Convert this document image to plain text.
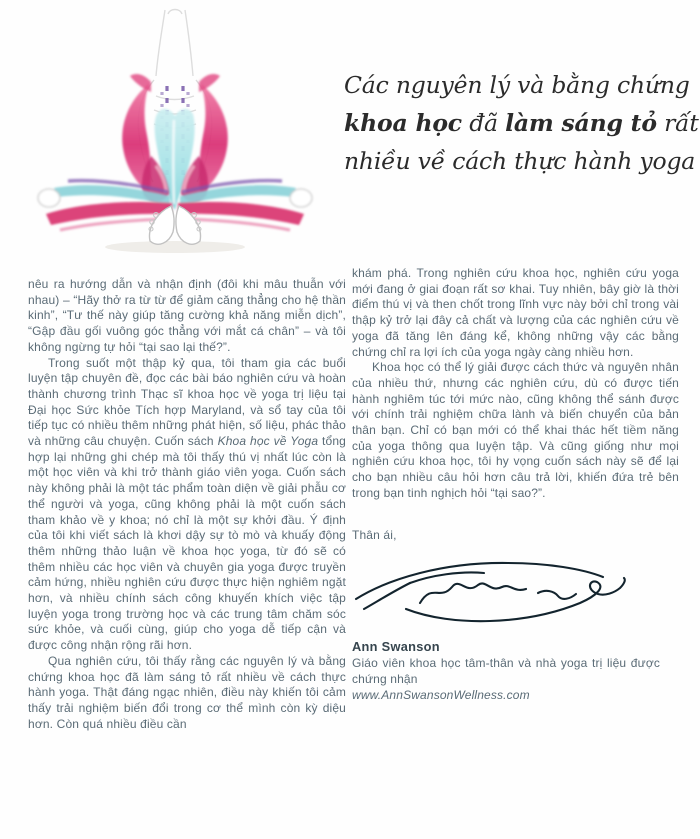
Các nguyên lý và bằng chứng
khoa học đã làm sáng tỏ rất
nhiều về cách thực hành yoga

nêu ra hướng dẫn và nhận định (đôi khi mâu thuẫn với nhau) – “Hãy thở ra từ từ để giảm căng thẳng cho hệ thần kinh”, “Tư thế này giúp tăng cường khả năng miễn dịch”, “Gập đầu gối vuông góc thẳng với mắt cá chân” – và tôi không ngừng tự hỏi “tại sao lại thế?”.

Trong suốt một thập kỷ qua, tôi tham gia các buổi luyện tập chuyên đề, đọc các bài báo nghiên cứu và hoàn thành chương trình Thạc sĩ khoa học về yoga trị liệu tại Đại học Sức khỏe Tích hợp Maryland, và sổ tay của tôi tiếp tục có nhiều thêm những phát hiện, số liệu, phác thảo và những câu chuyện. Cuốn sách Khoa học về Yoga tổng hợp lại những ghi chép mà tôi thấy thú vị nhất lúc còn là một học viên và khi trở thành giáo viên yoga. Cuốn sách này không phải là một tác phẩm toàn diện về giải phẫu cơ thể người và yoga, cũng không phải là một cuốn sách tham khảo về y khoa; nó chỉ là một sự khởi đầu. Ý định của tôi khi viết sách là khơi dậy sự tò mò và khuấy động thêm những thảo luận về khoa học yoga, từ đó sẽ có thêm nhiều các học viên và chuyên gia yoga được truyền cảm hứng, nhiều nghiên cứu được thực hiện nghiêm ngặt hơn, và nhiều chính sách công khuyến khích việc tập luyện yoga trong trường học và các trung tâm chăm sóc sức khỏe, và cuối cùng, giúp cho yoga dễ tiếp cận và được công nhận rộng rãi hơn.

Qua nghiên cứu, tôi thấy rằng các nguyên lý và bằng chứng khoa học đã làm sáng tỏ rất nhiều về cách thực hành yoga. Thật đáng ngạc nhiên, điều này khiến tôi cảm thấy trải nghiệm biến đổi trong cơ thể mình còn kỳ diệu hơn. Còn quá nhiều điều cần

khám phá. Trong nghiên cứu khoa học, nghiên cứu yoga mới đang ở giai đoạn rất sơ khai. Tuy nhiên, bây giờ là thời điểm thú vị và then chốt trong lĩnh vực này bởi chỉ trong vài thập kỷ trở lại đây cả chất và lượng của các nghiên cứu về yoga đã tăng lên đáng kể, không những vậy các bằng chứng chỉ ra lợi ích của yoga ngày càng nhiều hơn.

Khoa học có thể lý giải được cách thức và nguyên nhân của nhiều thứ, nhưng các nghiên cứu, dù có được tiến hành nghiêm túc tới mức nào, cũng không thể sánh được với chính trải nghiệm chữa lành và biến chuyển của bản thân bạn. Chỉ có bạn mới có thể khai thác hết tiềm năng của yoga thông qua luyện tập. Và cũng giống như mọi nghiên cứu khoa học, tôi hy vọng cuốn sách này sẽ để lại cho bạn nhiều câu hỏi hơn câu trả lời, khiến đứa trẻ bên trong bạn tinh nghịch hỏi “tại sao?”.

Thân ái,

Ann Swanson

Giáo viên khoa học tâm-thân và nhà yoga trị liệu được chứng nhận

www.AnnSwansonWellness.com
